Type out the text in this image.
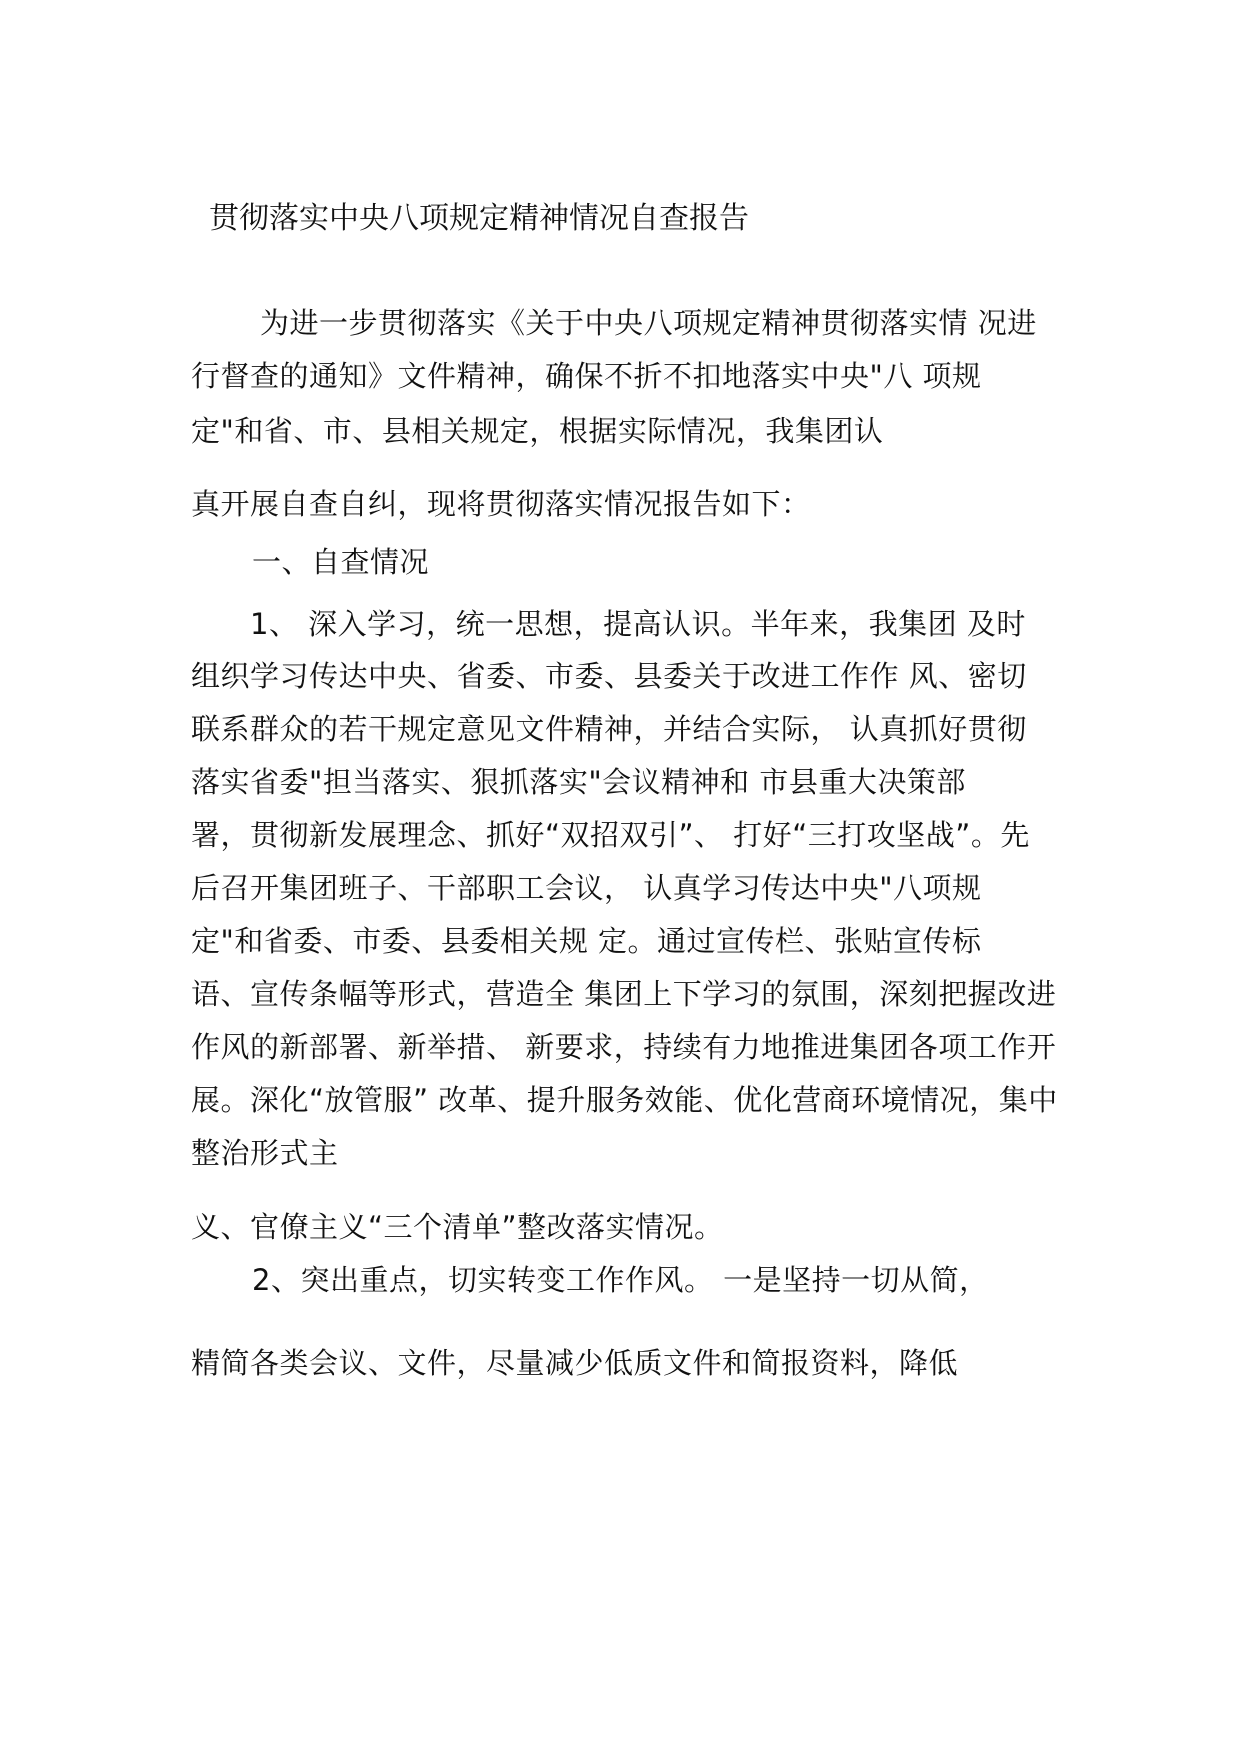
贯彻落实中央八项规定精神情况自查报告
为进一步贯彻落实《关于中央八项规定精神贯彻落实情 况进
行督查的通知》文件精神，确保不折不扣地落实中央"八 项规
定"和省、市、县相关规定，根据实际情况，我集团认
真开展自查自纠，现将贯彻落实情况报告如下：
一、自查情况
1、 深入学习，统一思想，提高认识。半年来，我集团 及时
组织学习传达中央、省委、市委、县委关于改进工作作 风、密切
联系群众的若干规定意见文件精神，并结合实际， 认真抓好贯彻
落实省委"担当落实、狠抓落实"会议精神和 市县重大决策部
署，贯彻新发展理念、抓好“双招双引”、 打好“三打攻坚战”。先
后召开集团班子、干部职工会议， 认真学习传达中央"八项规
定"和省委、市委、县委相关规 定。通过宣传栏、张贴宣传标
语、宣传条幅等形式，营造全 集团上下学习的氛围，深刻把握改进
作风的新部署、新举措、 新要求，持续有力地推进集团各项工作开
展。深化“放管服” 改革、提升服务效能、优化营商环境情况，集中
整治形式主
义、官僚主义“三个清单”整改落实情况。
2、突出重点，切实转变工作作风。 一是坚持一切从简，
精简各类会议、文件，尽量减少低质文件和简报资料，降低
